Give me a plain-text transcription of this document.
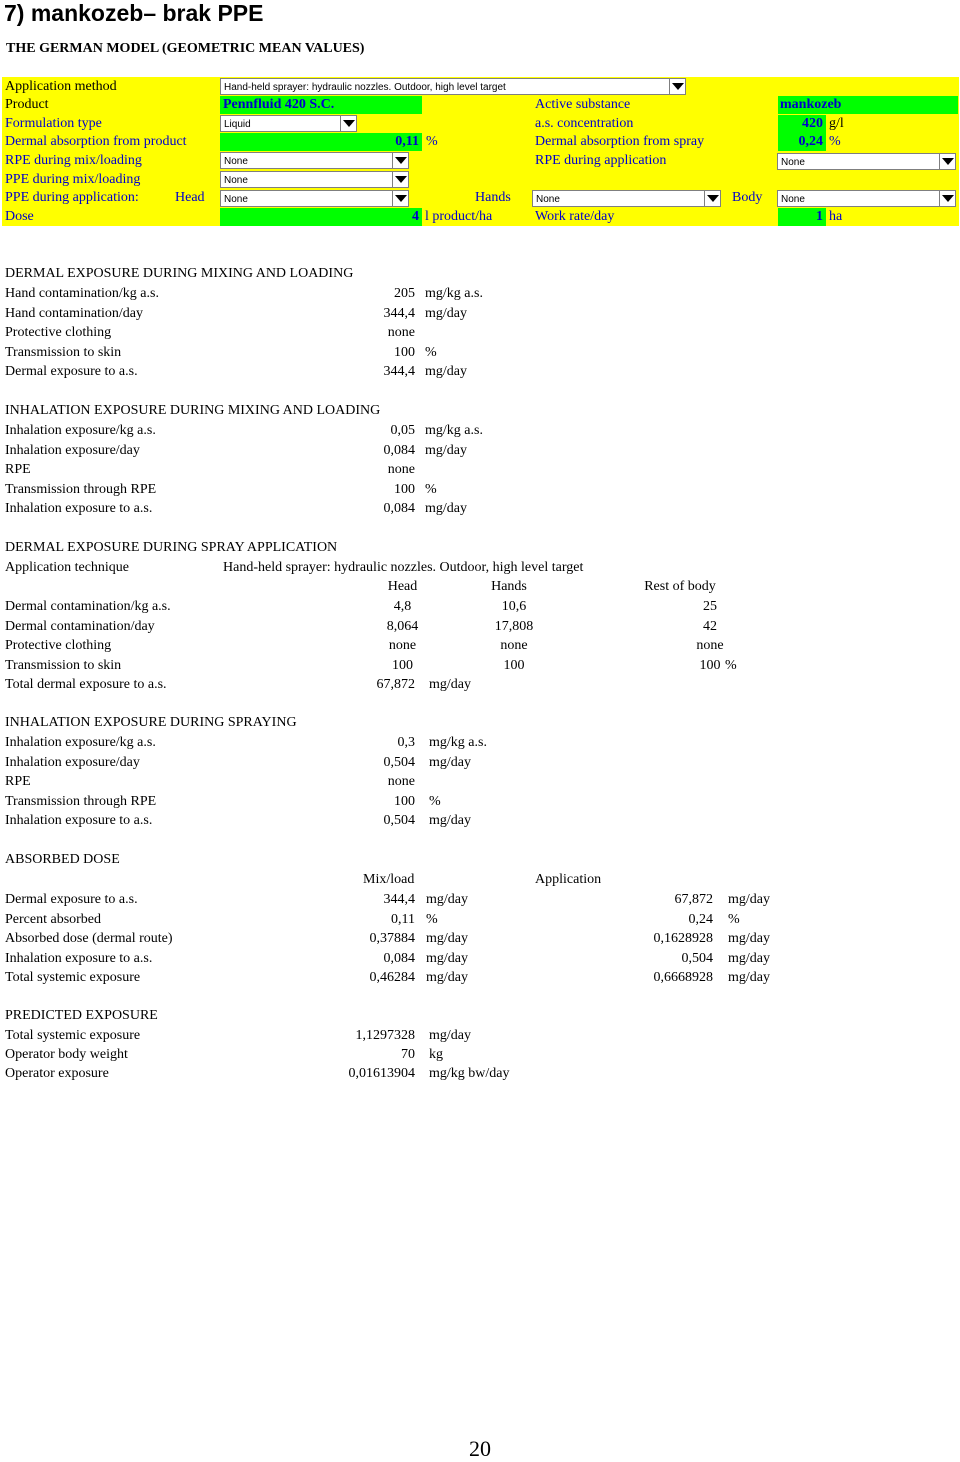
7) mankozeb– brak PPE
THE GERMAN MODEL (GEOMETRIC MEAN VALUES)
Application method	Hand-held sprayer: hydraulic nozzles. Outdoor, high level target
Product	Pennfluid 420 S.C.	Active substance	mankozeb
Formulation type	Liquid	a.s. concentration	420 g/l
Dermal absorption from product	0,11 %	Dermal absorption from spray	0,24 %
RPE during mix/loading	None	RPE during application	None
PPE during mix/loading	None
PPE during application:	Head	None	Hands	None	Body	None
Dose	4 l product/ha	Work rate/day	1 ha
DERMAL EXPOSURE DURING MIXING AND LOADING
Hand contamination/kg a.s.	205 mg/kg a.s.
Hand contamination/day	344,4 mg/day
Protective clothing	none
Transmission to skin	100 %
Dermal exposure to a.s.	344,4 mg/day
INHALATION EXPOSURE DURING MIXING AND LOADING
Inhalation exposure/kg a.s.	0,05 mg/kg a.s.
Inhalation exposure/day	0,084 mg/day
RPE	none
Transmission through RPE	100 %
Inhalation exposure to a.s.	0,084 mg/day
DERMAL EXPOSURE DURING SPRAY APPLICATION
Application technique	Hand-held sprayer: hydraulic nozzles. Outdoor, high level target
Head	Hands	Rest of body
Dermal contamination/kg a.s.	4,8	10,6	25
Dermal contamination/day	8,064	17,808	42
Protective clothing	none	none	none
Transmission to skin	100	100	100 %
Total dermal exposure to a.s.	67,872 mg/day
INHALATION EXPOSURE DURING SPRAYING
Inhalation exposure/kg a.s.	0,3 mg/kg a.s.
Inhalation exposure/day	0,504 mg/day
RPE	none
Transmission through RPE	100 %
Inhalation exposure to a.s.	0,504 mg/day
ABSORBED DOSE
Mix/load	Application
Dermal exposure to a.s.	344,4 mg/day	67,872 mg/day
Percent absorbed	0,11 %	0,24 %
Absorbed dose (dermal route)	0,37884 mg/day	0,1628928 mg/day
Inhalation exposure to a.s.	0,084 mg/day	0,504 mg/day
Total systemic exposure	0,46284 mg/day	0,6668928 mg/day
PREDICTED EXPOSURE
Total systemic exposure	1,1297328 mg/day
Operator body weight	70 kg
Operator exposure	0,01613904 mg/kg bw/day
20
